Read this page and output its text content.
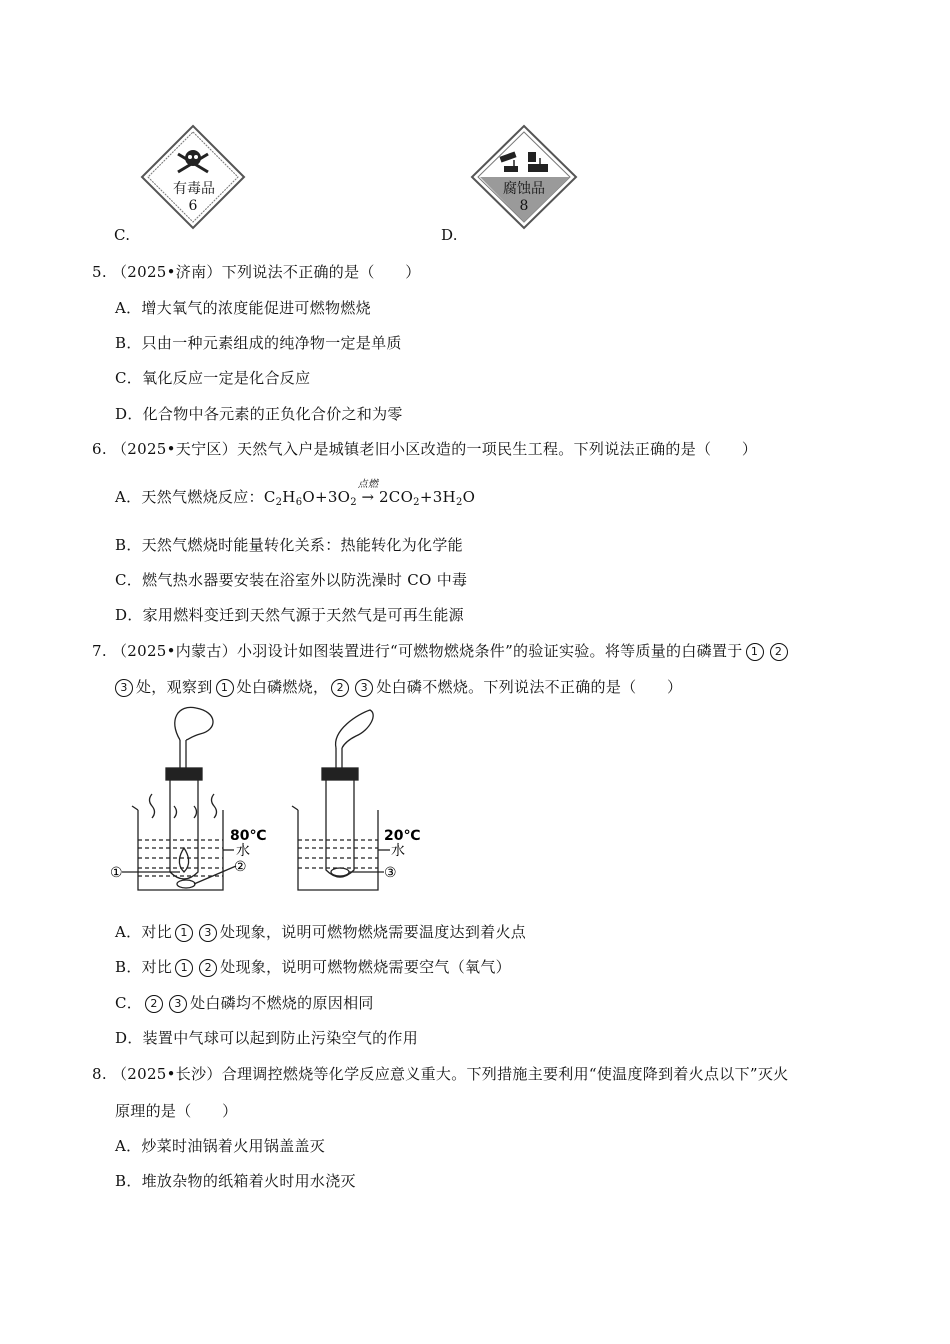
有毒品
6
C.
腐蚀品
8
D.
5. （2025•济南）下列说法不正确的是（　　）
A．增大氧气的浓度能促进可燃物燃烧
B．只由一种元素组成的纯净物一定是单质
C．氧化反应一定是化合反应
D．化合物中各元素的正负化合价之和为零
6. （2025•天宁区）天然气入户是城镇老旧小区改造的一项民生工程。下列说法正确的是（　　）
A．天然气燃烧反应：$C_2H_6O+3O_2$
点燃
→ $2CO_2+3H_2O$
B．天然气燃烧时能量转化关系：热能转化为化学能
C．燃气热水器要安装在浴室外以防洗澡时 CO 中毒
D．家用燃料变迁到天然气源于天然气是可再生能源
7. （2025•内蒙古）小羽设计如图装置进行“可燃物燃烧条件”的验证实验。将等质量的白磷置于 1 2
3 处，观察到 1 处白磷燃烧， 2 3 处白磷不燃烧。下列说法不正确的是（　　）
80℃
水
①	②
20℃
水
③
A．对比 1 3 处现象，说明可燃物燃烧需要温度达到着火点
B．对比 1 2 处现象，说明可燃物燃烧需要空气（氧气）
C． 2 3 处白磷均不燃烧的原因相同
D．装置中气球可以起到防止污染空气的作用
8. （2025•长沙）合理调控燃烧等化学反应意义重大。下列措施主要利用“使温度降到着火点以下”灭火
原理的是（　　）
A．炒菜时油锅着火用锅盖盖灭
B．堆放杂物的纸箱着火时用水浇灭
